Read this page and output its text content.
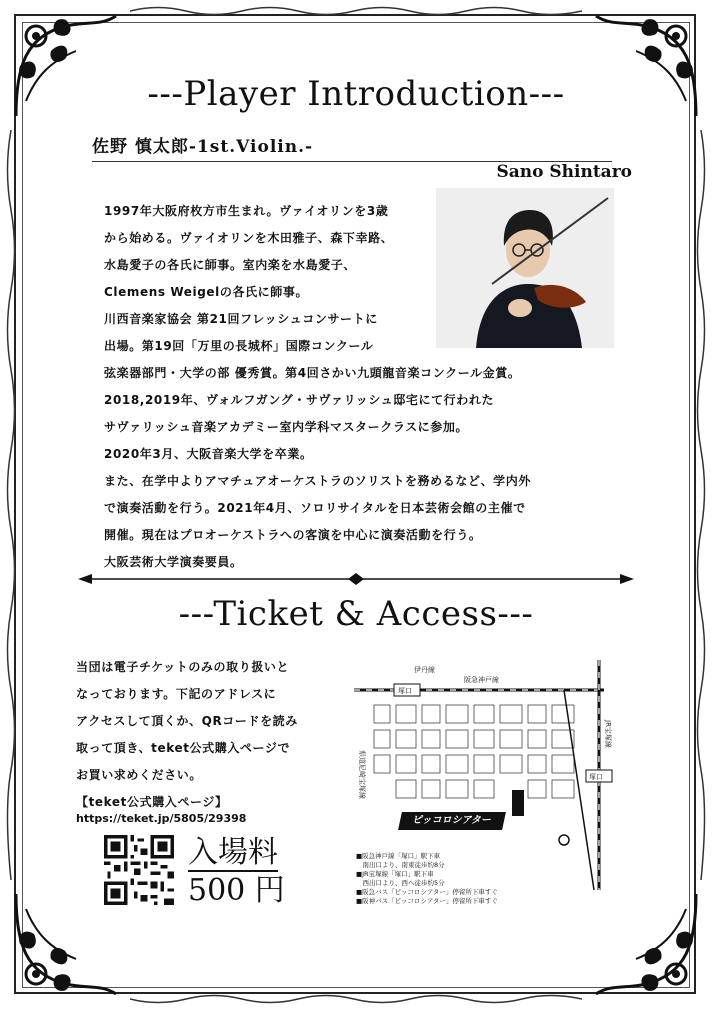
---Player Introduction---
佐野 慎太郎-1st.Violin.-
Sano Shintaro

1997年大阪府枚方市生まれ。ヴァイオリンを3歳

から始める。ヴァイオリンを木田雅子、森下幸路、

水島愛子の各氏に師事。室内楽を水島愛子、

Clemens Weigelの各氏に師事。

川西音楽家協会 第21回フレッシュコンサートに

出場。第19回「万里の長城杯」国際コンクール

弦楽器部門・大学の部 優秀賞。第4回さかい九頭龍音楽コンクール金賞。

2018,2019年、ヴォルフガング・サヴァリッシュ邸宅にて行われた

サヴァリッシュ音楽アカデミー室内学科マスタークラスに参加。

2020年3月、大阪音楽大学を卒業。

また、在学中よりアマチュアオーケストラのソリストを務めるなど、学内外

で演奏活動を行う。2021年4月、ソロリサイタルを日本芸術会館の主催で

開催。現在はプロオーケストラへの客演を中心に演奏活動を行う。

大阪芸術大学演奏要員。

---Ticket & Access---

当団は電子チケットのみの取り扱いと

なっております。下記のアドレスに

アクセスして頂くか、QRコードを読み

取って頂き、teket公式購入ページで

お買い求めください。

【teket公式購入ページ】

https://teket.jp/5805/29398
入場料
500 円
塚口
塚口
伊丹線
阪急神戸線
JR宝塚線
県道尼崎宝塚線
ピッコロシアター
■阪急神戸線「塚口」駅下車
　南出口より、南東徒歩約8分
■JR宝塚線「塚口」駅下車
　西出口より、西へ徒歩約5分
■阪急バス「ピッコロシアター」停留所下車すぐ
■阪神バス「ピッコロシアター」停留所下車すぐ
